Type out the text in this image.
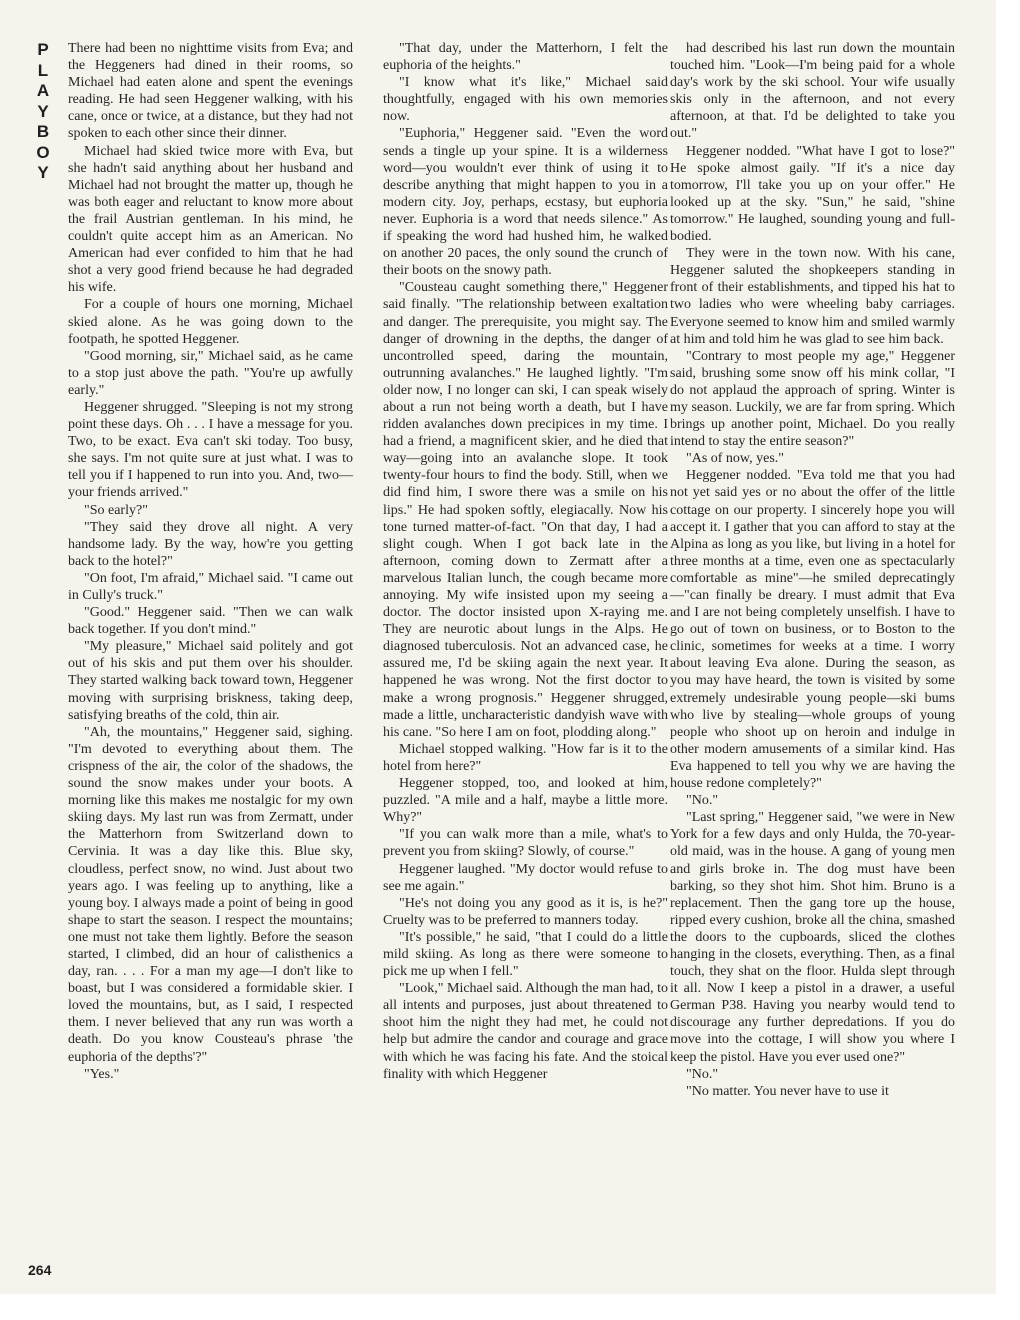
P
L
A
Y
B
O
Y

There had been no nighttime visits from Eva; and the Heggeners had dined in their rooms, so Michael had eaten alone and spent the evenings reading. He had seen Heggener walking, with his cane, once or twice, at a distance, but they had not spoken to each other since their dinner.

Michael had skied twice more with Eva, but she hadn't said anything about her husband and Michael had not brought the matter up, though he was both eager and reluctant to know more about the frail Austrian gentleman. In his mind, he couldn't quite accept him as an American. No American had ever confided to him that he had shot a very good friend because he had degraded his wife.

For a couple of hours one morning, Michael skied alone. As he was going down to the footpath, he spotted Heggener.

"Good morning, sir," Michael said, as he came to a stop just above the path. "You're up awfully early."

Heggener shrugged. "Sleeping is not my strong point these days. Oh . . . I have a message for you. Two, to be exact. Eva can't ski today. Too busy, she says. I'm not quite sure at just what. I was to tell you if I happened to run into you. And, two—your friends arrived."

"So early?"

"They said they drove all night. A very handsome lady. By the way, how're you getting back to the hotel?"

"On foot, I'm afraid," Michael said. "I came out in Cully's truck."

"Good." Heggener said. "Then we can walk back together. If you don't mind."

"My pleasure," Michael said politely and got out of his skis and put them over his shoulder. They started walking back toward town, Heggener moving with surprising briskness, taking deep, satisfying breaths of the cold, thin air.

"Ah, the mountains," Heggener said, sighing. "I'm devoted to everything about them. The crispness of the air, the color of the shadows, the sound the snow makes under your boots. A morning like this makes me nostalgic for my own skiing days. My last run was from Zermatt, under the Matterhorn from Switzerland down to Cervinia. It was a day like this. Blue sky, cloudless, perfect snow, no wind. Just about two years ago. I was feeling up to anything, like a young boy. I always made a point of being in good shape to start the season. I respect the mountains; one must not take them lightly. Before the season started, I climbed, did an hour of calisthenics a day, ran. . . . For a man my age—I don't like to boast, but I was considered a formidable skier. I loved the mountains, but, as I said, I respected them. I never believed that any run was worth a death. Do you know Cousteau's phrase 'the euphoria of the depths'?"

"Yes."

"That day, under the Matterhorn, I felt the euphoria of the heights."

"I know what it's like," Michael said thoughtfully, engaged with his own memories now.

"Euphoria," Heggener said. "Even the word sends a tingle up your spine. It is a wilderness word—you wouldn't ever think of using it to describe anything that might happen to you in a modern city. Joy, perhaps, ecstasy, but euphoria never. Euphoria is a word that needs silence." As if speaking the word had hushed him, he walked on another 20 paces, the only sound the crunch of their boots on the snowy path.

"Cousteau caught something there," Heggener said finally. "The relationship between exaltation and danger. The prerequisite, you might say. The danger of drowning in the depths, the danger of uncontrolled speed, daring the mountain, outrunning avalanches." He laughed lightly. "I'm older now, I no longer can ski, I can speak wisely about a run not being worth a death, but I have ridden avalanches down precipices in my time. I had a friend, a magnificent skier, and he died that way—going into an avalanche slope. It took twenty-four hours to find the body. Still, when we did find him, I swore there was a smile on his lips." He had spoken softly, elegiacally. Now his tone turned matter-of-fact. "On that day, I had a slight cough. When I got back late in the afternoon, coming down to Zermatt after a marvelous Italian lunch, the cough became more annoying. My wife insisted upon my seeing a doctor. The doctor insisted upon X-raying me. They are neurotic about lungs in the Alps. He diagnosed tuberculosis. Not an advanced case, he assured me, I'd be skiing again the next year. It happened he was wrong. Not the first doctor to make a wrong prognosis." Heggener shrugged, made a little, uncharacteristic dandyish wave with his cane. "So here I am on foot, plodding along."

Michael stopped walking. "How far is it to the hotel from here?"

Heggener stopped, too, and looked at him, puzzled. "A mile and a half, maybe a little more. Why?"

"If you can walk more than a mile, what's to prevent you from skiing? Slowly, of course."

Heggener laughed. "My doctor would refuse to see me again."

"He's not doing you any good as it is, is he?" Cruelty was to be preferred to manners today.

"It's possible," he said, "that I could do a little mild skiing. As long as there were someone to pick me up when I fell."

"Look," Michael said. Although the man had, to all intents and purposes, just about threatened to shoot him the night they had met, he could not help but admire the candor and courage and grace with which he was facing his fate. And the stoical finality with which Heggener

had described his last run down the mountain touched him. "Look—I'm being paid for a whole day's work by the ski school. Your wife usually skis only in the afternoon, and not every afternoon, at that. I'd be delighted to take you out."

Heggener nodded. "What have I got to lose?" He spoke almost gaily. "If it's a nice day tomorrow, I'll take you up on your offer." He looked up at the sky. "Sun," he said, "shine tomorrow." He laughed, sounding young and full-bodied.

They were in the town now. With his cane, Heggener saluted the shopkeepers standing in front of their establishments, and tipped his hat to two ladies who were wheeling baby carriages. Everyone seemed to know him and smiled warmly at him and told him he was glad to see him back.

"Contrary to most people my age," Heggener said, brushing some snow off his mink collar, "I do not applaud the approach of spring. Winter is my season. Luckily, we are far from spring. Which brings up another point, Michael. Do you really intend to stay the entire season?"

"As of now, yes."

Heggener nodded. "Eva told me that you had not yet said yes or no about the offer of the little cottage on our property. I sincerely hope you will accept it. I gather that you can afford to stay at the Alpina as long as you like, but living in a hotel for three months at a time, even one as spectacularly comfortable as mine"—he smiled deprecatingly—"can finally be dreary. I must admit that Eva and I are not being completely unselfish. I have to go out of town on business, or to Boston to the clinic, sometimes for weeks at a time. I worry about leaving Eva alone. During the season, as you may have heard, the town is visited by some extremely undesirable young people—ski bums who live by stealing—whole groups of young people who shoot up on heroin and indulge in other modern amusements of a similar kind. Has Eva happened to tell you why we are having the house redone completely?"

"No."

"Last spring," Heggener said, "we were in New York for a few days and only Hulda, the 70-year-old maid, was in the house. A gang of young men and girls broke in. The dog must have been barking, so they shot him. Shot him. Bruno is a replacement. Then the gang tore up the house, ripped every cushion, broke all the china, smashed the doors to the cupboards, sliced the clothes hanging in the closets, everything. Then, as a final touch, they shat on the floor. Hulda slept through it all. Now I keep a pistol in a drawer, a useful German P38. Having you nearby would tend to discourage any further depredations. If you do move into the cottage, I will show you where I keep the pistol. Have you ever used one?"

"No."

"No matter. You never have to use it

264
